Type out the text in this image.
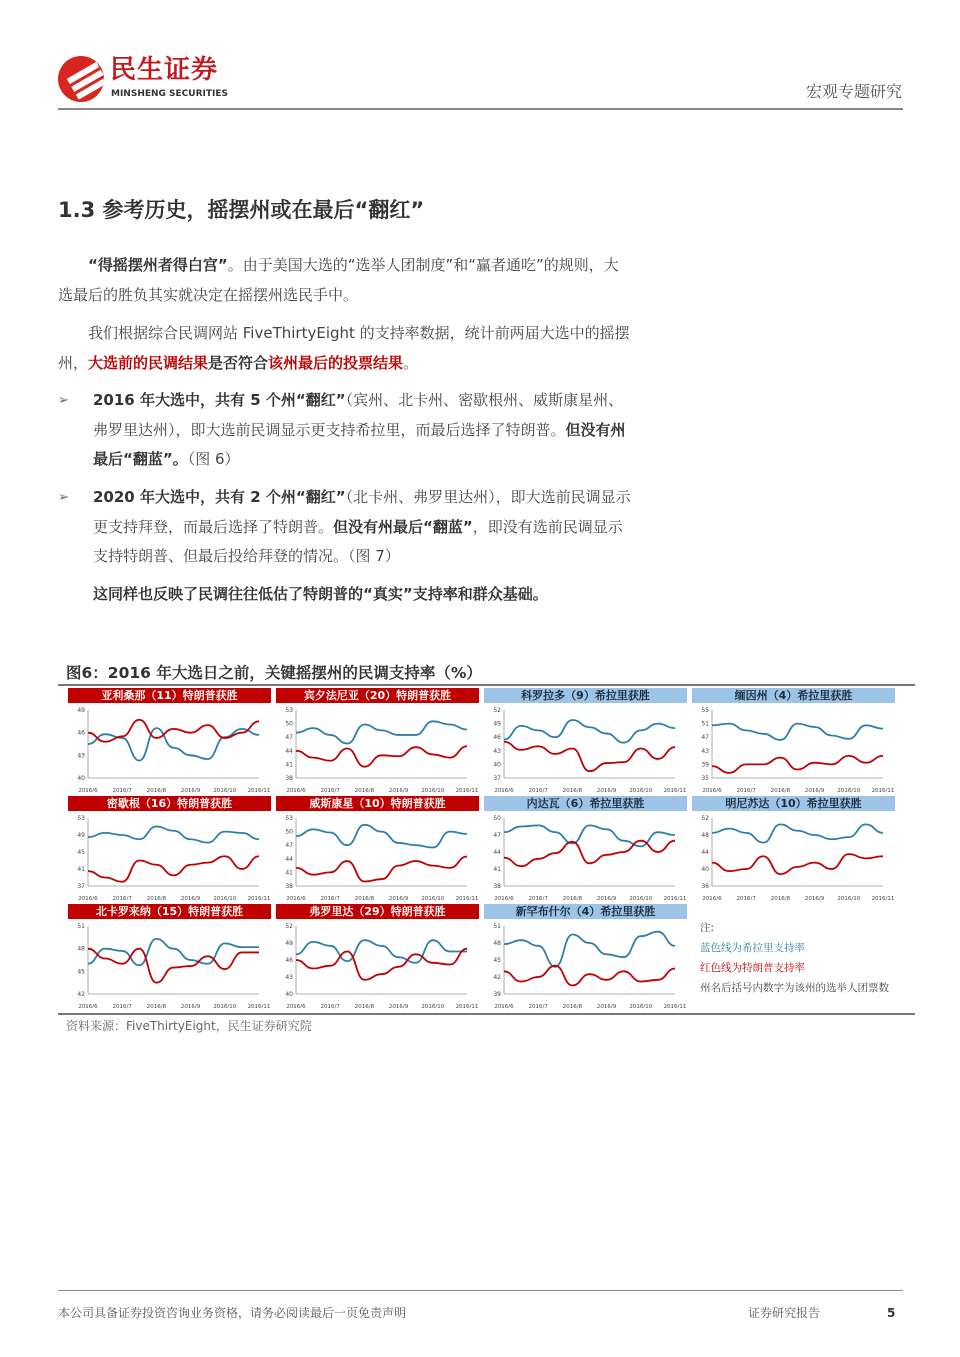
民生证券
MINSHENG SECURITIES	宏观专题研究
1.3 参考历史，摇摆州或在最后“翻红”
“得摇摆州者得白宫”。由于美国大选的“选举人团制度”和“赢者通吃”的规则，大选最后的胜负其实就决定在摇摆州选民手中。
我们根据综合民调网站 FiveThirtyEight 的支持率数据，统计前两届大选中的摇摆州，大选前的民调结果是否符合该州最后的投票结果。
➢ 2016 年大选中，共有 5 个州“翻红”（宾州、北卡州、密歇根州、威斯康星州、弗罗里达州），即大选前民调显示更支持希拉里，而最后选择了特朗普。但没有州最后“翻蓝”。（图 6）
➢ 2020 年大选中，共有 2 个州“翻红”（北卡州、弗罗里达州），即大选前民调显示更支持拜登，而最后选择了特朗普。但没有州最后“翻蓝”，即没有选前民调显示支持特朗普、但最后投给拜登的情况。（图 7）
这同样也反映了民调往往低估了特朗普的“真实”支持率和群众基础。
图6：2016 年大选日之前，关键摇摆州的民调支持率（%）
亚利桑那（11）特朗普获胜
40
43
46
49
2016/6	2016/7	2016/8	2016/9 2016/10 2016/11
宾夕法尼亚（20）特朗普获胜
38
41
44
47
50
53
2016/6	2016/7	2016/8	2016/9 2016/10 2016/11
科罗拉多（9）希拉里获胜
37
40
43
46
49
52
2016/6	2016/7	2016/8	2016/9 2016/10 2016/11
缅因州（4）希拉里获胜
35
39
43
47
51
55
2016/6	2016/7	2016/8	2016/9 2016/10 2016/11
密歇根（16）特朗普获胜
37
41
45
49
53
2016/6	2016/7	2016/8	2016/9 2016/10 2016/11
威斯康星（10）特朗普获胜
38
41
44
47
50
53
2016/6	2016/7	2016/8	2016/9 2016/10 2016/11
内达瓦（6）希拉里获胜
38
41
44
47
50
2016/6	2016/7	2016/8	2016/9 2016/10 2016/11
明尼苏达（10）希拉里获胜
36
40
44
48
52
2016/6	2016/7	2016/8	2016/9 2016/10 2016/11
北卡罗来纳（15）特朗普获胜
42
45
48
51
2016/6	2016/7	2016/8	2016/9 2016/10 2016/11
弗罗里达（29）特朗普获胜
40
43
46
49
52
2016/6	2016/7	2016/8	2016/9 2016/10 2016/11
新罕布什尔（4）希拉里获胜
39
42
45
48
51
2016/6	2016/7	2016/8	2016/9 2016/10 2016/11
注:
蓝色线为希拉里支持率
红色线为特朗普支持率
州名后括号内数字为该州的选举人团票数
资料来源：FiveThirtyEight，民生证券研究院
本公司具备证券投资咨询业务资格，请务必阅读最后一页免责声明	证券研究报告	5
